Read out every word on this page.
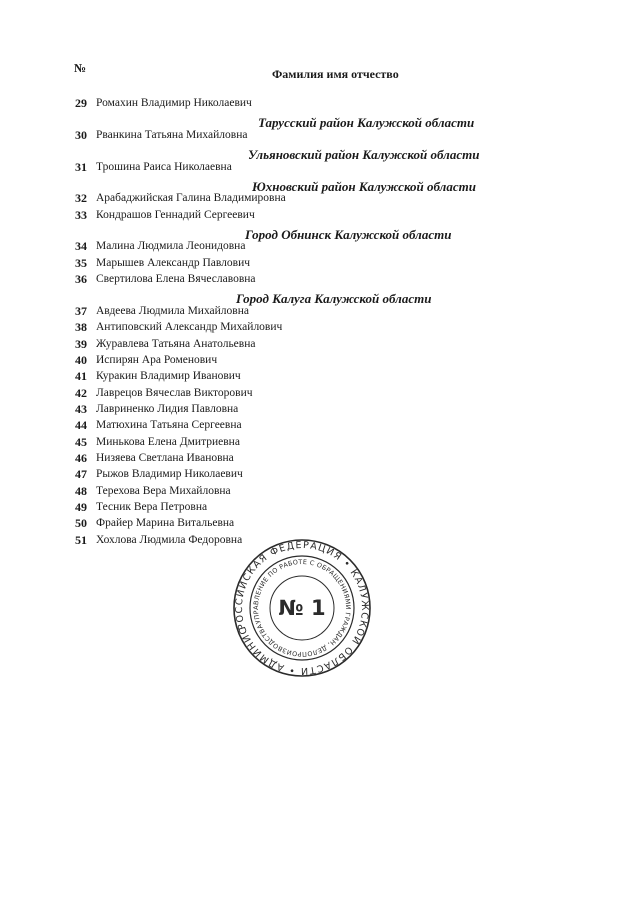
№	Фамилия имя отчество
29 Ромахин Владимир Николаевич
Тарусский район Калужской области
30 Рванкина Татьяна Михайловна
Ульяновский район Калужской области
31 Трошина Раиса Николаевна
Юхновский район Калужской области
32 Арабаджийская Галина Владимировна
33 Кондрашов Геннадий Сергеевич
Город Обнинск Калужской области
34 Малина Людмила Леонидовна
35 Марышев Александр Павлович
36 Свертилова Елена Вячеславовна
Город Калуга Калужской области
37 Авдеева Людмила Михайловна
38 Антиповский Александр Михайлович
39 Журавлева Татьяна Анатольевна
40 Испирян Ара Роменович
41 Куракин Владимир Иванович
42 Лаврецов Вячеслав Викторович
43 Лавриненко Лидия Павловна
44 Матюхина Татьяна Сергеевна
45 Минькова Елена Дмитриевна
46 Низяева Светлана Ивановна
47 Рыжов Владимир Николаевич
48 Терехова Вера Михайловна
49 Тесник Вера Петровна
50 Фрайер Марина Витальевна
51 Хохлова Людмила Федоровна
РОССИЙСКАЯ ФЕДЕРАЦИЯ • КАЛУЖСКОЙ ОБЛАСТИ • АДМИНИСТРАЦИЯ
УПРАВЛЕНИЕ ПО РАБОТЕ С ОБРАЩЕНИЯМИ ГРАЖДАН, ДЕЛОПРОИЗВОДСТВА
№ 1
